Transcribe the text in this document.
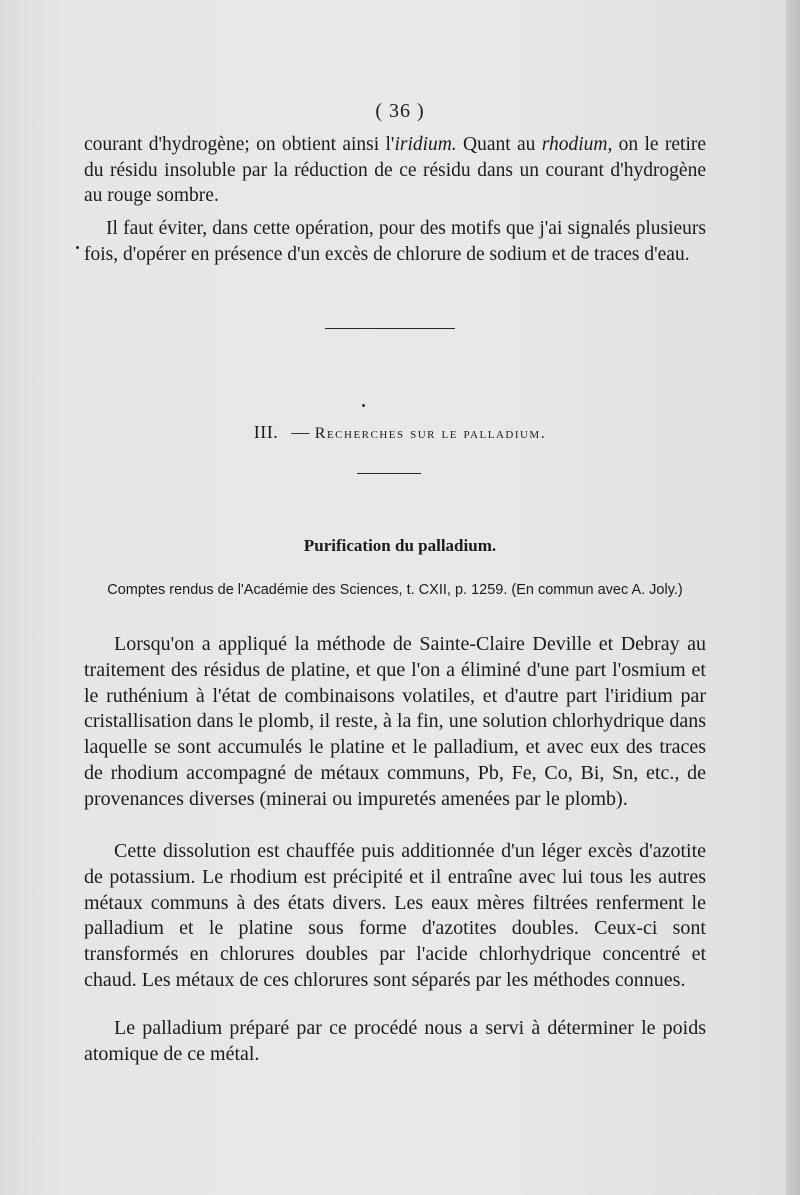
( 36 )
courant d'hydrogène; on obtient ainsi l'iridium. Quant au rhodium, on le retire du résidu insoluble par la réduction de ce résidu dans un courant d'hydrogène au rouge sombre.
Il faut éviter, dans cette opération, pour des motifs que j'ai signalés plusieurs fois, d'opérer en présence d'un excès de chlorure de sodium et de traces d'eau.
III. — Recherches sur le palladium.
Purification du palladium.
Comptes rendus de l'Académie des Sciences, t. CXII, p. 1259. (En commun avec A. Joly.)
Lorsqu'on a appliqué la méthode de Sainte-Claire Deville et Debray au traitement des résidus de platine, et que l'on a éliminé d'une part l'osmium et le ruthénium à l'état de combinaisons volatiles, et d'autre part l'iridium par cristallisation dans le plomb, il reste, à la fin, une solution chlorhydrique dans laquelle se sont accumulés le platine et le palladium, et avec eux des traces de rhodium accompagné de métaux communs, Pb, Fe, Co, Bi, Sn, etc., de provenances diverses (minerai ou impuretés amenées par le plomb).
Cette dissolution est chauffée puis additionnée d'un léger excès d'azotite de potassium. Le rhodium est précipité et il entraîne avec lui tous les autres métaux communs à des états divers. Les eaux mères filtrées renferment le palladium et le platine sous forme d'azotites doubles. Ceux-ci sont transformés en chlorures doubles par l'acide chlorhydrique concentré et chaud. Les métaux de ces chlorures sont séparés par les méthodes connues.
Le palladium préparé par ce procédé nous a servi à déterminer le poids atomique de ce métal.
